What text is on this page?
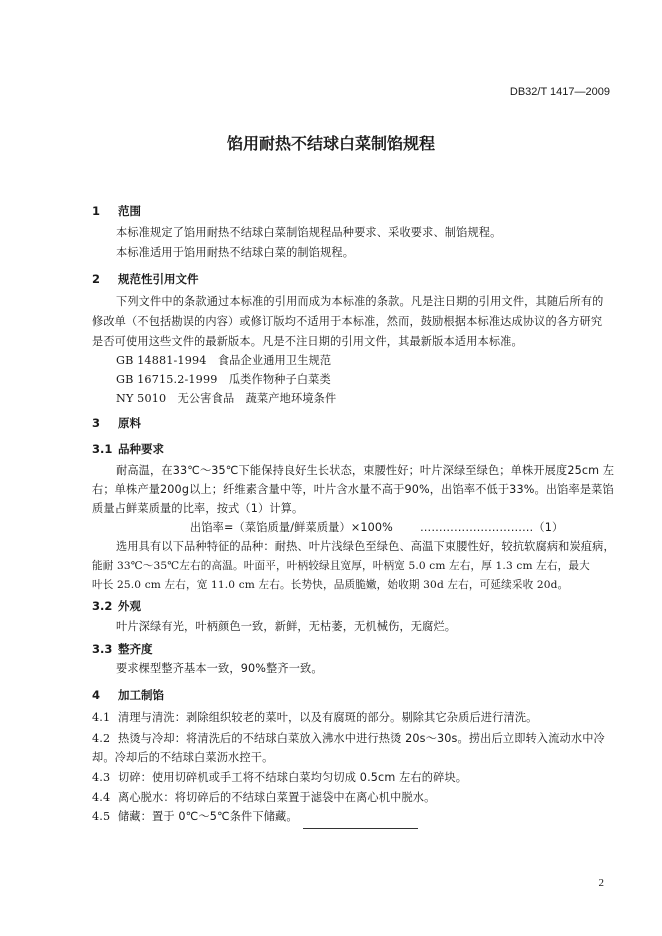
DB32/T 1417—2009
馅用耐热不结球白菜制馅规程
1 范围
本标准规定了馅用耐热不结球白菜制馅规程品种要求、采收要求、制馅规程。
本标准适用于馅用耐热不结球白菜的制馅规程。
2 规范性引用文件
下列文件中的条款通过本标准的引用而成为本标准的条款。凡是注日期的引用文件，其随后所有的
修改单（不包括勘误的内容）或修订版均不适用于本标准，然而，鼓励根据本标准达成协议的各方研究
是否可使用这些文件的最新版本。凡是不注日期的引用文件，其最新版本适用本标准。
GB 14881-1994　食品企业通用卫生规范
GB 16715.2-1999　瓜类作物种子白菜类
NY 5010　无公害食品　蔬菜产地环境条件
3 原料
3.1 品种要求
耐高温，在33℃～35℃下能保持良好生长状态，束腰性好；叶片深绿至绿色；单株开展度25cm 左
右；单株产量200g以上；纤维素含量中等，叶片含水量不高于90%，出馅率不低于33%。出馅率是菜馅
质量占鲜菜质量的比率，按式（1）计算。
出馅率=（菜馅质量/鲜菜质量）×100% …………………………（1）
选用具有以下品种特征的品种：耐热、叶片浅绿色至绿色、高温下束腰性好，较抗软腐病和炭疽病，
能耐 33℃～35℃左右的高温。叶面平，叶柄较绿且宽厚，叶柄宽 5.0 cm 左右，厚 1.3 cm 左右，最大
叶长 25.0 cm 左右，宽 11.0 cm 左右。长势快，品质脆嫩，始收期 30d 左右，可延续采收 20d。
3.2 外观
叶片深绿有光，叶柄颜色一致，新鲜，无枯萎，无机械伤，无腐烂。
3.3 整齐度
要求棵型整齐基本一致，90%整齐一致。
4 加工制馅
4.1 清理与清洗：剥除组织较老的菜叶，以及有腐斑的部分。剔除其它杂质后进行清洗。
4.2 热烫与冷却：将清洗后的不结球白菜放入沸水中进行热烫 20s～30s。捞出后立即转入流动水中冷
却。冷却后的不结球白菜沥水控干。
4.3 切碎：使用切碎机或手工将不结球白菜均匀切成 0.5cm 左右的碎块。
4.4 离心脱水：将切碎后的不结球白菜置于滤袋中在离心机中脱水。
4.5 储藏：置于 0℃～5℃条件下储藏。
2
